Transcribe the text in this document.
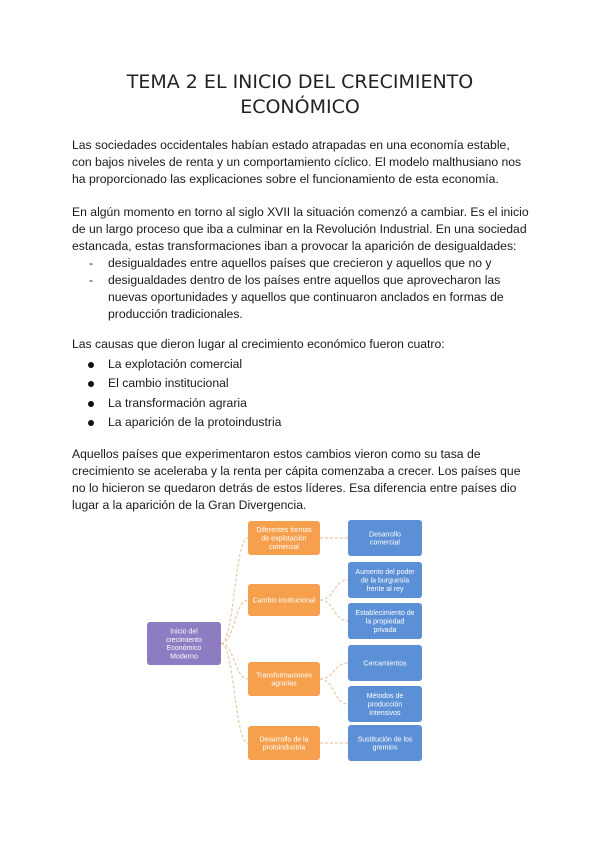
TEMA 2 EL INICIO DEL CRECIMIENTO
ECONÓMICO
Las sociedades occidentales habían estado atrapadas en una economía estable,
con bajos niveles de renta y un comportamiento cíclico. El modelo malthusiano nos
ha proporcionado las explicaciones sobre el funcionamiento de esta economía.
En algún momento en torno al siglo XVII la situación comenzó a cambiar. Es el inicio
de un largo proceso que iba a culminar en la Revolución Industrial. En una sociedad
estancada, estas transformaciones iban a provocar la aparición de desigualdades:
- desigualdades entre aquellos países que crecieron y aquellos que no y
- desigualdades dentro de los países entre aquellos que aprovecharon las
nuevas oportunidades y aquellos que continuaron anclados en formas de
producción tradicionales.
Las causas que dieron lugar al crecimiento económico fueron cuatro:
La explotación comercial
El cambio institucional
La transformación agraria
La aparición de la protoindustria
Aquellos países que experimentaron estos cambios vieron como su tasa de
crecimiento se aceleraba y la renta per cápita comenzaba a crecer. Los países que
no lo hicieron se quedaron detrás de estos líderes. Esa diferencia entre países dio
lugar a la aparición de la Gran Divergencia.
Inicio del
crecimiento
Económico
Moderno
Diferentes formas
de explotación
comercial
Desarrollo
comercial
Cambio institucional
Aumento del poder
de la burguesía
frente al rey
Establecimiento de
la propiedad
privada
Transformaciones
agrarias
Cercamientos
Métodos de
producción
intensivos
Desarrollo de la
protoindustria
Sustitución de los
gremios
